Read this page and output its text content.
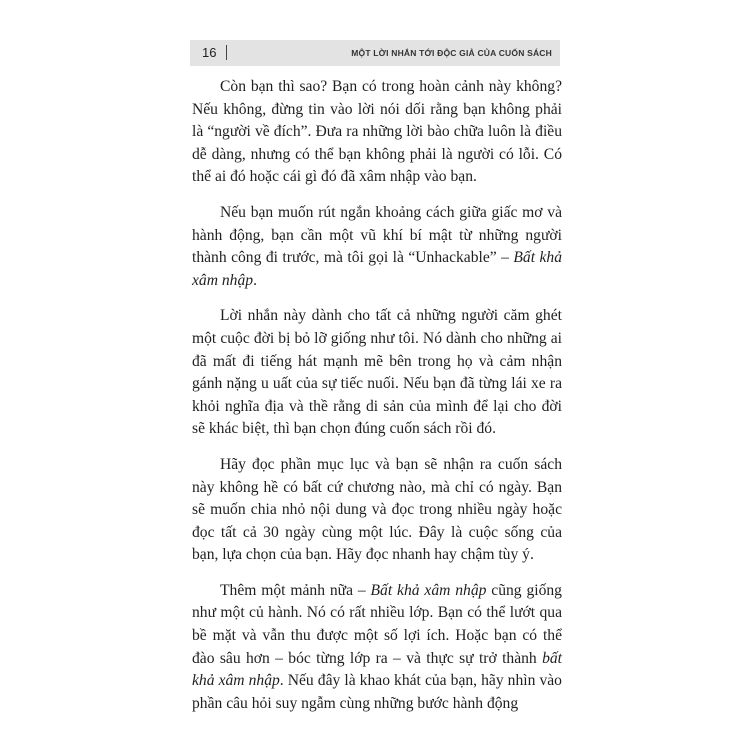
16	MỘT LỜI NHẮN TỚI ĐỘC GIẢ CỦA CUỐN SÁCH

Còn bạn thì sao? Bạn có trong hoàn cảnh này không? Nếu không, đừng tin vào lời nói dối rằng bạn không phải là “người về đích”. Đưa ra những lời bào chữa luôn là điều dễ dàng, nhưng có thể bạn không phải là người có lỗi. Có thể ai đó hoặc cái gì đó đã xâm nhập vào bạn.

Nếu bạn muốn rút ngắn khoảng cách giữa giấc mơ và hành động, bạn cần một vũ khí bí mật từ những người thành công đi trước, mà tôi gọi là “Unhackable” – Bất khả xâm nhập.

Lời nhắn này dành cho tất cả những người căm ghét một cuộc đời bị bỏ lỡ giống như tôi. Nó dành cho những ai đã mất đi tiếng hát mạnh mẽ bên trong họ và cảm nhận gánh nặng u uất của sự tiếc nuối. Nếu bạn đã từng lái xe ra khỏi nghĩa địa và thề rằng di sản của mình để lại cho đời sẽ khác biệt, thì bạn chọn đúng cuốn sách rồi đó.

Hãy đọc phần mục lục và bạn sẽ nhận ra cuốn sách này không hề có bất cứ chương nào, mà chỉ có ngày. Bạn sẽ muốn chia nhỏ nội dung và đọc trong nhiều ngày hoặc đọc tất cả 30 ngày cùng một lúc. Đây là cuộc sống của bạn, lựa chọn của bạn. Hãy đọc nhanh hay chậm tùy ý.

Thêm một mảnh nữa – Bất khả xâm nhập cũng giống như một củ hành. Nó có rất nhiều lớp. Bạn có thể lướt qua bề mặt và vẫn thu được một số lợi ích. Hoặc bạn có thể đào sâu hơn – bóc từng lớp ra – và thực sự trở thành bất khả xâm nhập. Nếu đây là khao khát của bạn, hãy nhìn vào phần câu hỏi suy ngẫm cùng những bước hành động
